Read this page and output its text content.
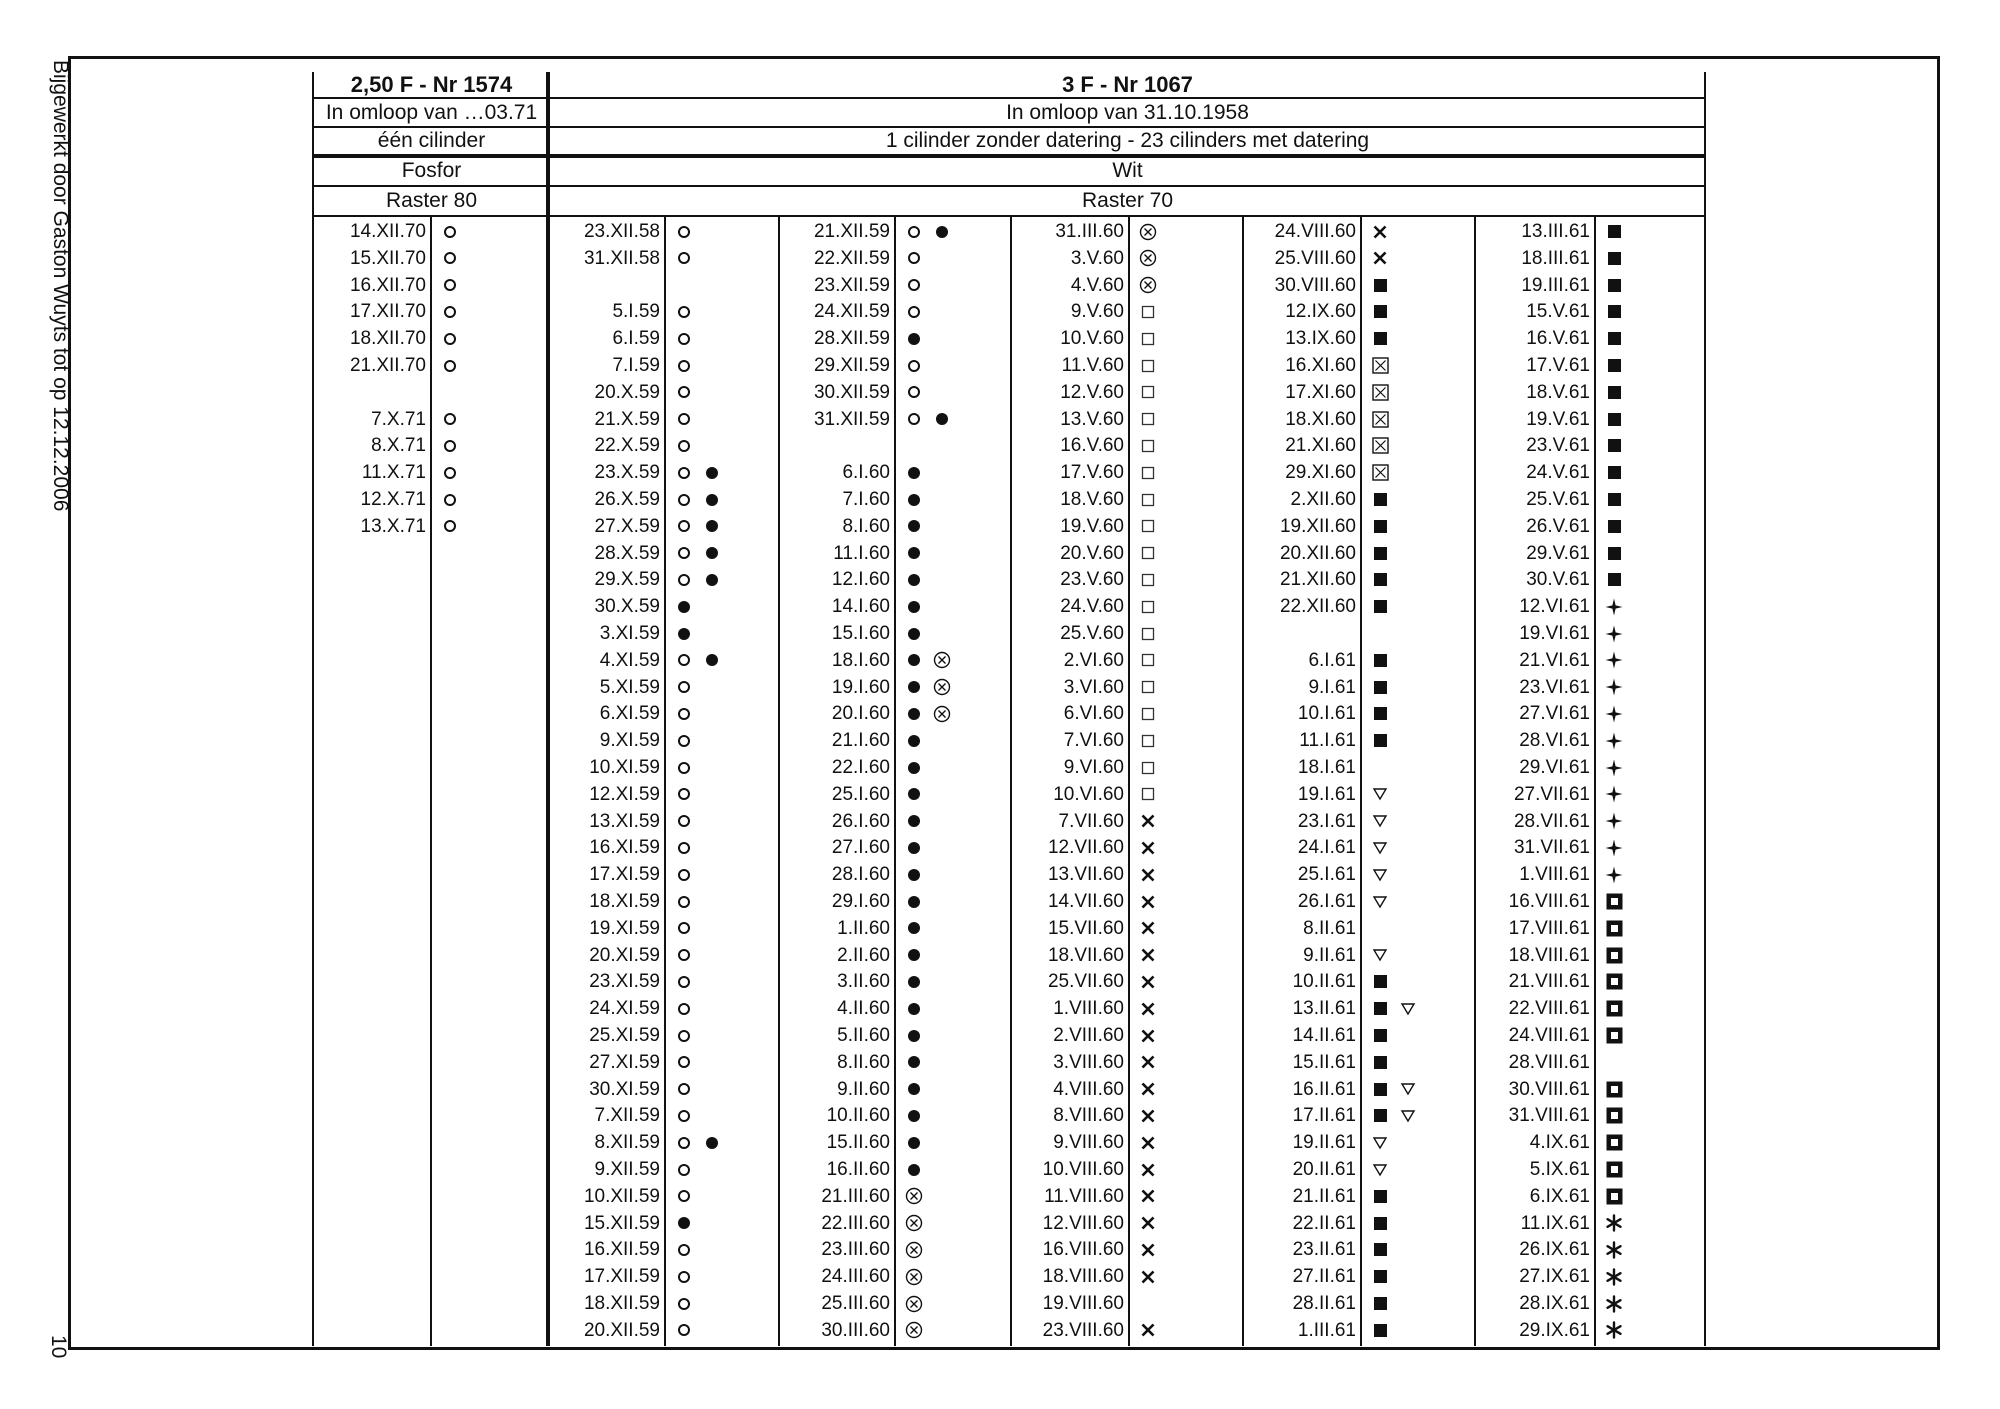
Bijgewerkt door Gaston Wuyts tot op 12.12.2006
10
2,50 F - Nr 1574
In omloop van …03.71
één cilinder
Fosfor
Raster 80
3 F - Nr 1067
In omloop van 31.10.1958
1 cilinder zonder datering - 23 cilinders met datering
Wit
Raster 70
14.XII.70
15.XII.70
16.XII.70
17.XII.70
18.XII.70
21.XII.70
7.X.71
8.X.71
11.X.71
12.X.71
13.X.71
23.XII.58
31.XII.58
5.I.59
6.I.59
7.I.59
20.X.59
21.X.59
22.X.59
23.X.59
26.X.59
27.X.59
28.X.59
29.X.59
30.X.59
3.XI.59
4.XI.59
5.XI.59
6.XI.59
9.XI.59
10.XI.59
12.XI.59
13.XI.59
16.XI.59
17.XI.59
18.XI.59
19.XI.59
20.XI.59
23.XI.59
24.XI.59
25.XI.59
27.XI.59
30.XI.59
7.XII.59
8.XII.59
9.XII.59
10.XII.59
15.XII.59
16.XII.59
17.XII.59
18.XII.59
20.XII.59
21.XII.59
22.XII.59
23.XII.59
24.XII.59
28.XII.59
29.XII.59
30.XII.59
31.XII.59
6.I.60
7.I.60
8.I.60
11.I.60
12.I.60
14.I.60
15.I.60
18.I.60
19.I.60
20.I.60
21.I.60
22.I.60
25.I.60
26.I.60
27.I.60
28.I.60
29.I.60
1.II.60
2.II.60
3.II.60
4.II.60
5.II.60
8.II.60
9.II.60
10.II.60
15.II.60
16.II.60
21.III.60
22.III.60
23.III.60
24.III.60
25.III.60
30.III.60
31.III.60
3.V.60
4.V.60
9.V.60
10.V.60
11.V.60
12.V.60
13.V.60
16.V.60
17.V.60
18.V.60
19.V.60
20.V.60
23.V.60
24.V.60
25.V.60
2.VI.60
3.VI.60
6.VI.60
7.VI.60
9.VI.60
10.VI.60
7.VII.60
12.VII.60
13.VII.60
14.VII.60
15.VII.60
18.VII.60
25.VII.60
1.VIII.60
2.VIII.60
3.VIII.60
4.VIII.60
8.VIII.60
9.VIII.60
10.VIII.60
11.VIII.60
12.VIII.60
16.VIII.60
18.VIII.60
19.VIII.60
23.VIII.60
24.VIII.60
25.VIII.60
30.VIII.60
12.IX.60
13.IX.60
16.XI.60
17.XI.60
18.XI.60
21.XI.60
29.XI.60
2.XII.60
19.XII.60
20.XII.60
21.XII.60
22.XII.60
6.I.61
9.I.61
10.I.61
11.I.61
18.I.61
19.I.61
23.I.61
24.I.61
25.I.61
26.I.61
8.II.61
9.II.61
10.II.61
13.II.61
14.II.61
15.II.61
16.II.61
17.II.61
19.II.61
20.II.61
21.II.61
22.II.61
23.II.61
27.II.61
28.II.61
1.III.61
13.III.61
18.III.61
19.III.61
15.V.61
16.V.61
17.V.61
18.V.61
19.V.61
23.V.61
24.V.61
25.V.61
26.V.61
29.V.61
30.V.61
12.VI.61
19.VI.61
21.VI.61
23.VI.61
27.VI.61
28.VI.61
29.VI.61
27.VII.61
28.VII.61
31.VII.61
1.VIII.61
16.VIII.61
17.VIII.61
18.VIII.61
21.VIII.61
22.VIII.61
24.VIII.61
28.VIII.61
30.VIII.61
31.VIII.61
4.IX.61
5.IX.61
6.IX.61
11.IX.61
26.IX.61
27.IX.61
28.IX.61
29.IX.61
